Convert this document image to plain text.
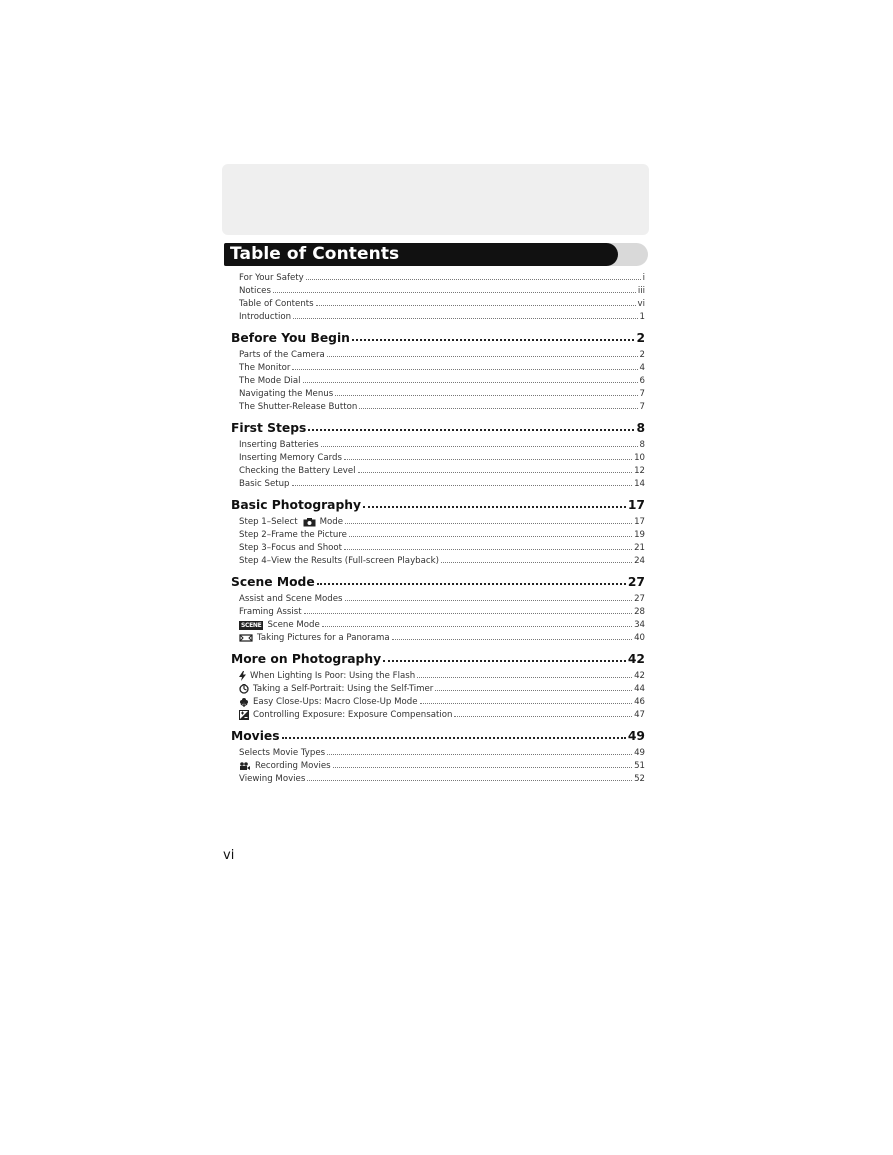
Table of Contents
For Your Safety	i
Notices	iii
Table of Contents	vi
Introduction	1
Before You Begin	2
Parts of the Camera	2
The Monitor	4
The Mode Dial	6
Navigating the Menus	7
The Shutter-Release Button	7
First Steps	8
Inserting Batteries	8
Inserting Memory Cards	10
Checking the Battery Level	12
Basic Setup	14
Basic Photography	17
Step 1–Select	Mode	17
Step 2–Frame the Picture	19
Step 3–Focus and Shoot	21
Step 4–View the Results (Full-screen Playback)	24
Scene Mode	27
Assist and Scene Modes	27
Framing Assist	28
SCENE Scene Mode	34
Taking Pictures for a Panorama	40
More on Photography	42
When Lighting Is Poor: Using the Flash	42
Taking a Self-Portrait: Using the Self-Timer	44
Easy Close-Ups: Macro Close-Up Mode	46
Controlling Exposure: Exposure Compensation	47
Movies	49
Selects Movie Types	49
Recording Movies	51
Viewing Movies	52
vi
